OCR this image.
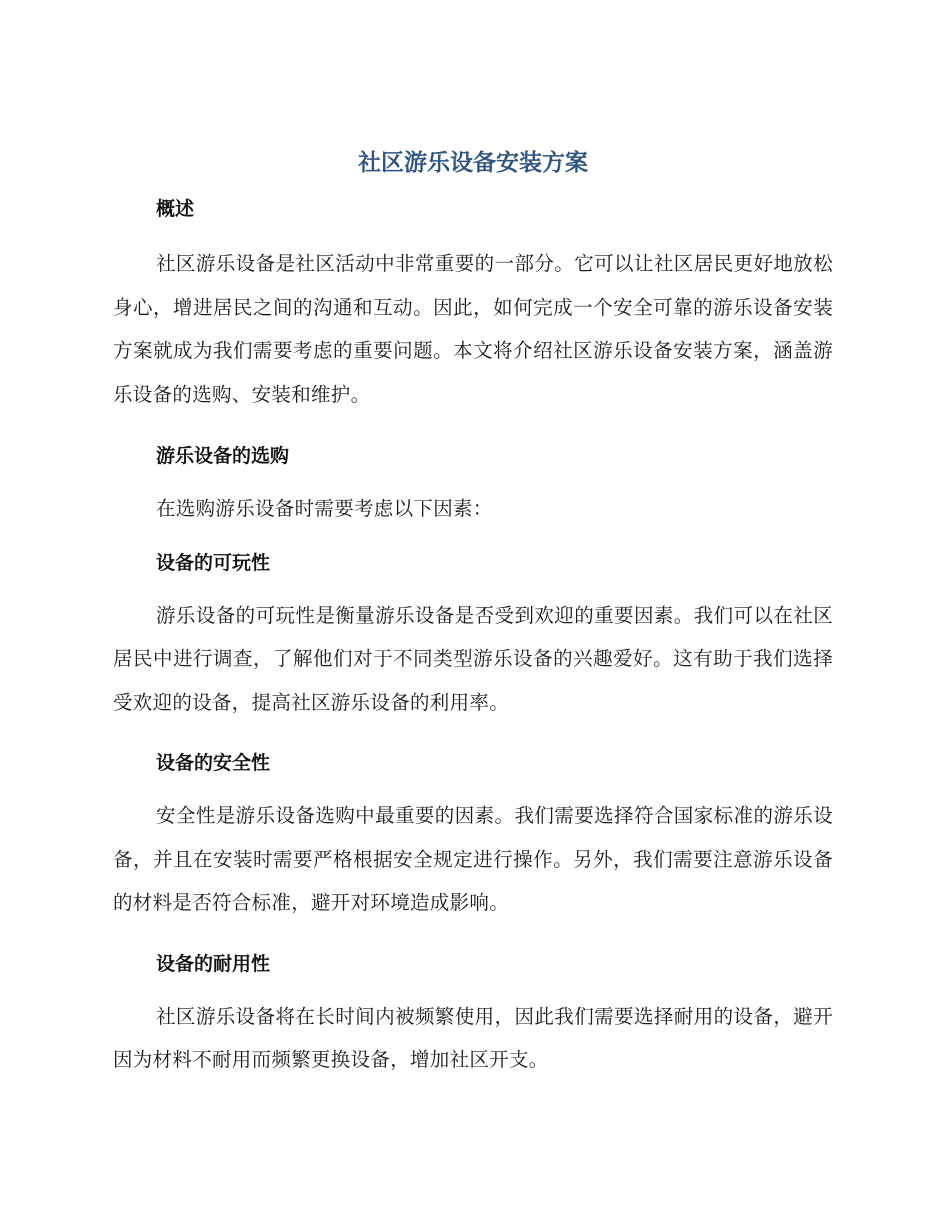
社区游乐设备安装方案
概述

社区游乐设备是社区活动中非常重要的一部分。它可以让社区居民更好地放松身心，增进居民之间的沟通和互动。因此，如何完成一个安全可靠的游乐设备安装方案就成为我们需要考虑的重要问题。本文将介绍社区游乐设备安装方案，涵盖游乐设备的选购、安装和维护。

游乐设备的选购

在选购游乐设备时需要考虑以下因素：

设备的可玩性

游乐设备的可玩性是衡量游乐设备是否受到欢迎的重要因素。我们可以在社区居民中进行调查，了解他们对于不同类型游乐设备的兴趣爱好。这有助于我们选择受欢迎的设备，提高社区游乐设备的利用率。

设备的安全性

安全性是游乐设备选购中最重要的因素。我们需要选择符合国家标准的游乐设备，并且在安装时需要严格根据安全规定进行操作。另外，我们需要注意游乐设备的材料是否符合标准，避开对环境造成影响。

设备的耐用性

社区游乐设备将在长时间内被频繁使用，因此我们需要选择耐用的设备，避开因为材料不耐用而频繁更换设备，增加社区开支。
